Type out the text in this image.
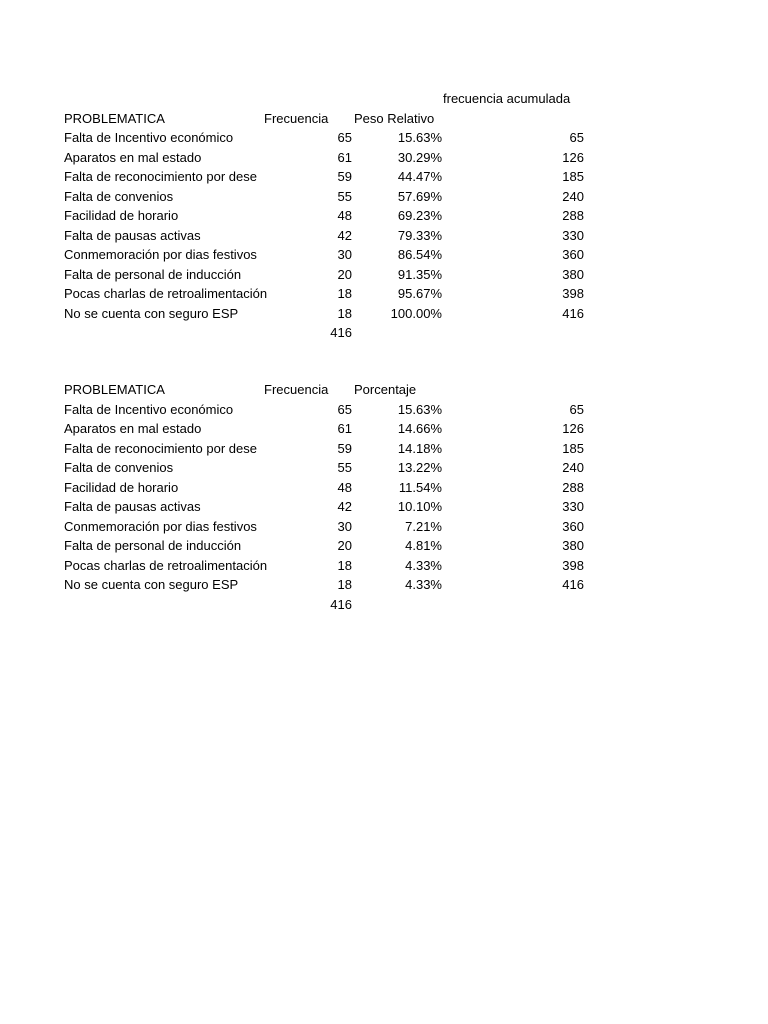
frecuencia acumulada
PROBLEMATICA	Frecuencia Peso Relativo
Falta de Incentivo económico	65	15.63%	65
Aparatos en mal estado	61	30.29%	126
Falta de reconocimiento por dese	59	44.47%	185
Falta de convenios	55	57.69%	240
Facilidad de horario	48	69.23%	288
Falta de pausas activas	42	79.33%	330
Conmemoración por dias festivos	30	86.54%	360
Falta de personal de inducción	20	91.35%	380
Pocas charlas de retroalimentación	18	95.67%	398
No se cuenta con seguro ESP	18	100.00%	416
416
PROBLEMATICA	Frecuencia Porcentaje
Falta de Incentivo económico	65	15.63%	65
Aparatos en mal estado	61	14.66%	126
Falta de reconocimiento por dese	59	14.18%	185
Falta de convenios	55	13.22%	240
Facilidad de horario	48	11.54%	288
Falta de pausas activas	42	10.10%	330
Conmemoración por dias festivos	30	7.21%	360
Falta de personal de inducción	20	4.81%	380
Pocas charlas de retroalimentación	18	4.33%	398
No se cuenta con seguro ESP	18	4.33%	416
416
